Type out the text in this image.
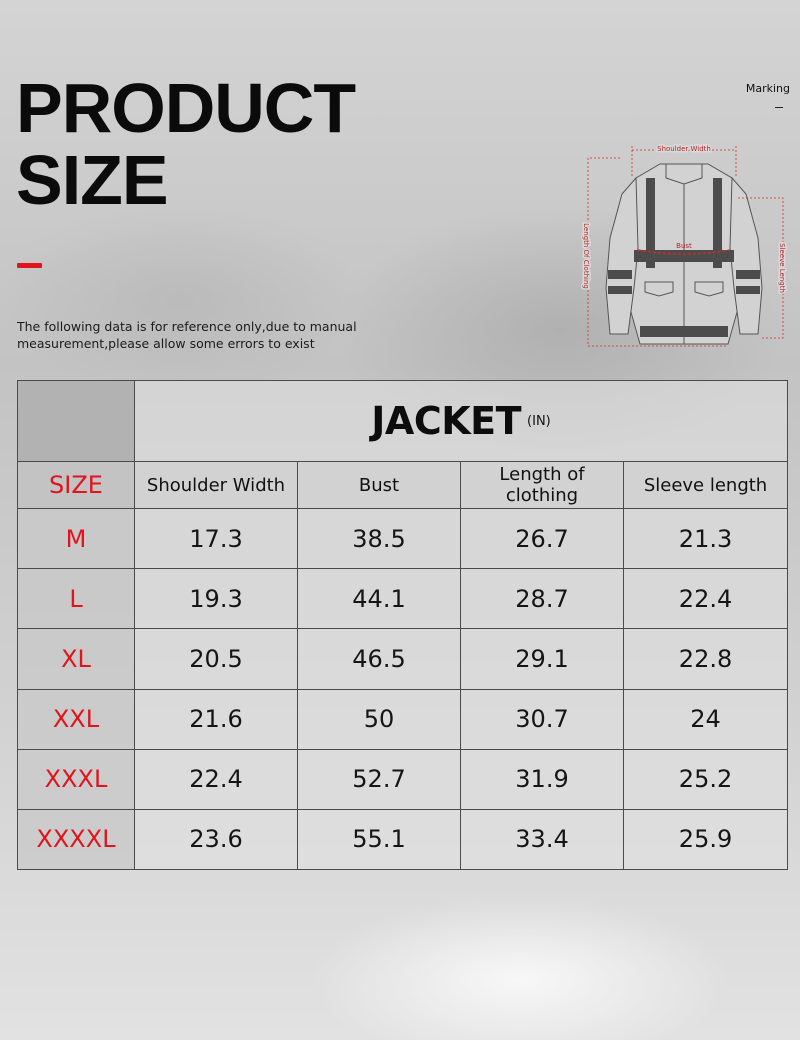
PRODUCT
SIZE

The following data is for reference only,due to manual measurement,please allow some errors to exist

Marking
Shoulder Width
Bust
Length Of Clothing	Sleeve Length
	JACKET (IN)			
SIZE	Shoulder Width	Bust	Length of clothing	Sleeve length
M	17.3	38.5	26.7	21.3
L	19.3	44.1	28.7	22.4
XL	20.5	46.5	29.1	22.8
XXL	21.6	50	30.7	24
XXXL	22.4	52.7	31.9	25.2
XXXXL	23.6	55.1	33.4	25.9
